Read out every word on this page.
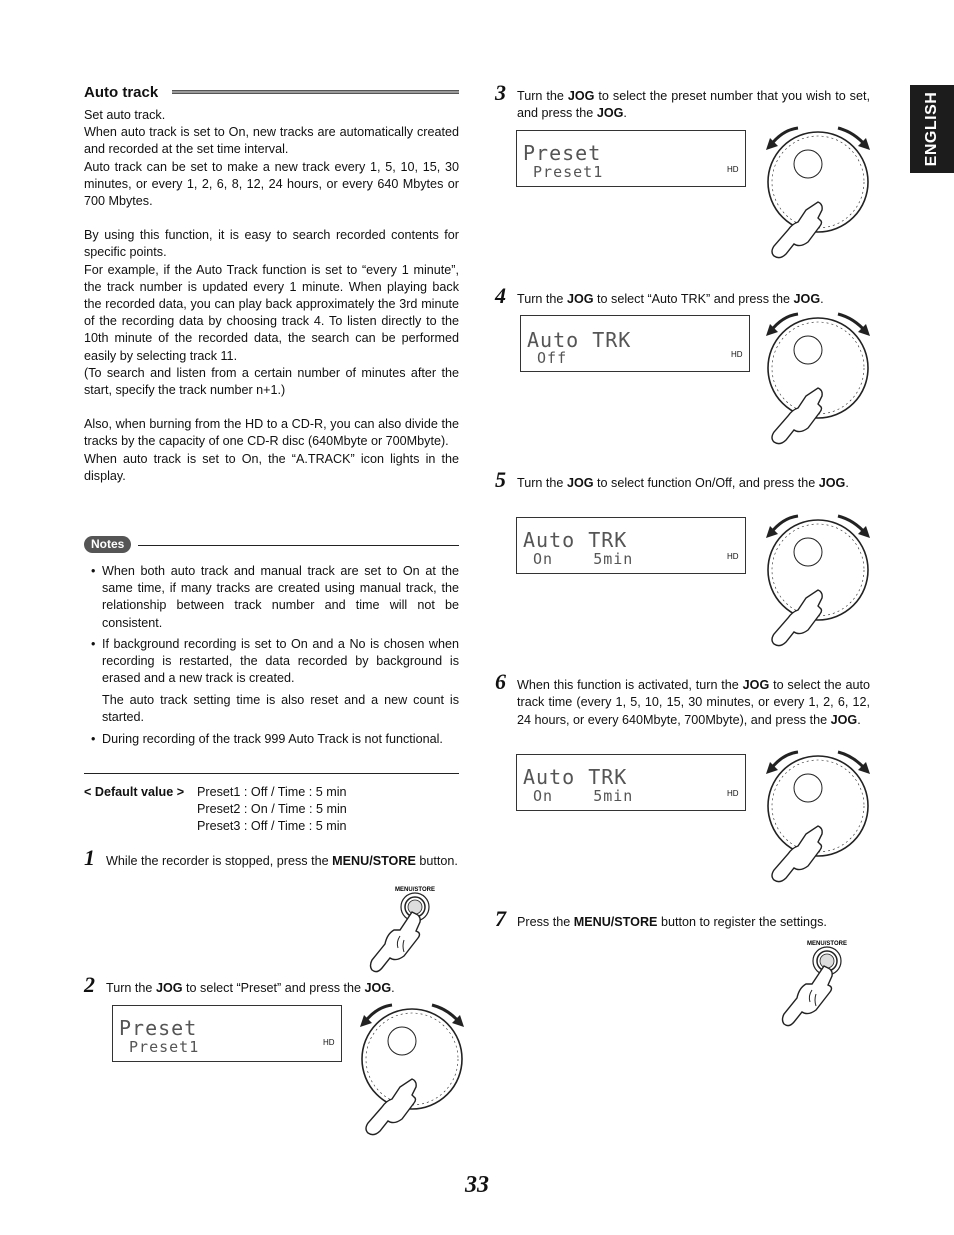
ENGLISH
Auto track

Set auto track.

When auto track is set to On, new tracks are automatically created and recorded at the set time interval.

Auto track can be set to make a new track every 1, 5, 10, 15, 30 minutes, or every 1, 2, 6, 8, 12, 24 hours, or every 640 Mbytes or 700 Mbytes.

By using this function, it is easy to search recorded contents for specific points.

For example, if the Auto Track function is set to “every 1 minute”, the track number is updated every 1 minute. When playing back the recorded data, you can play back approximately the 3rd minute of the recording data by choosing track 4. To listen directly to the 10th minute of the recorded data, the search can be performed easily by selecting track 11.

(To search and listen from a certain number of minutes after the start, specify the track number n+1.)

Also, when burning from the HD to a CD-R, you can also divide the tracks by the capacity of one CD-R disc (640Mbyte or 700Mbyte).

When auto track is set to On, the “A.TRACK” icon lights in the display.

Notes
• When both auto track and manual track are set to On at the same time, if many tracks are created using manual track, the relationship between track number and time will not be consistent.
• If background recording is set to On and a No is chosen when recording is restarted, the data recorded by background is erased and a new track is created.
The auto track setting time is also reset and a new count is started.
• During recording of the track 999 Auto Track is not functional.
< Default value > Preset1 : Off / Time : 5 min
Preset2 : On / Time : 5 min
Preset3 : Off / Time : 5 min
1 While the recorder is stopped, press the MENU/STORE button.
MENU/STORE
2 Turn the JOG to select “Preset” and press the JOG.
Preset
Preset1	HD
3 Turn the JOG to select the preset number that you wish to set, and press the JOG.
Preset
Preset1	HD
4 Turn the JOG to select “Auto TRK” and press the JOG.
Auto TRK
Off	HD
5 Turn the JOG to select function On/Off, and press the JOG.
Auto TRK
On    5min	HD
6 When this function is activated, turn the JOG to select the auto track time (every 1, 5, 10, 15, 30 minutes, or every 1, 2, 6, 12, 24 hours, or every 640Mbyte, 700Mbyte), and press the JOG.
Auto TRK
On    5min	HD
7 Press the MENU/STORE button to register the settings.
MENU/STORE
33
